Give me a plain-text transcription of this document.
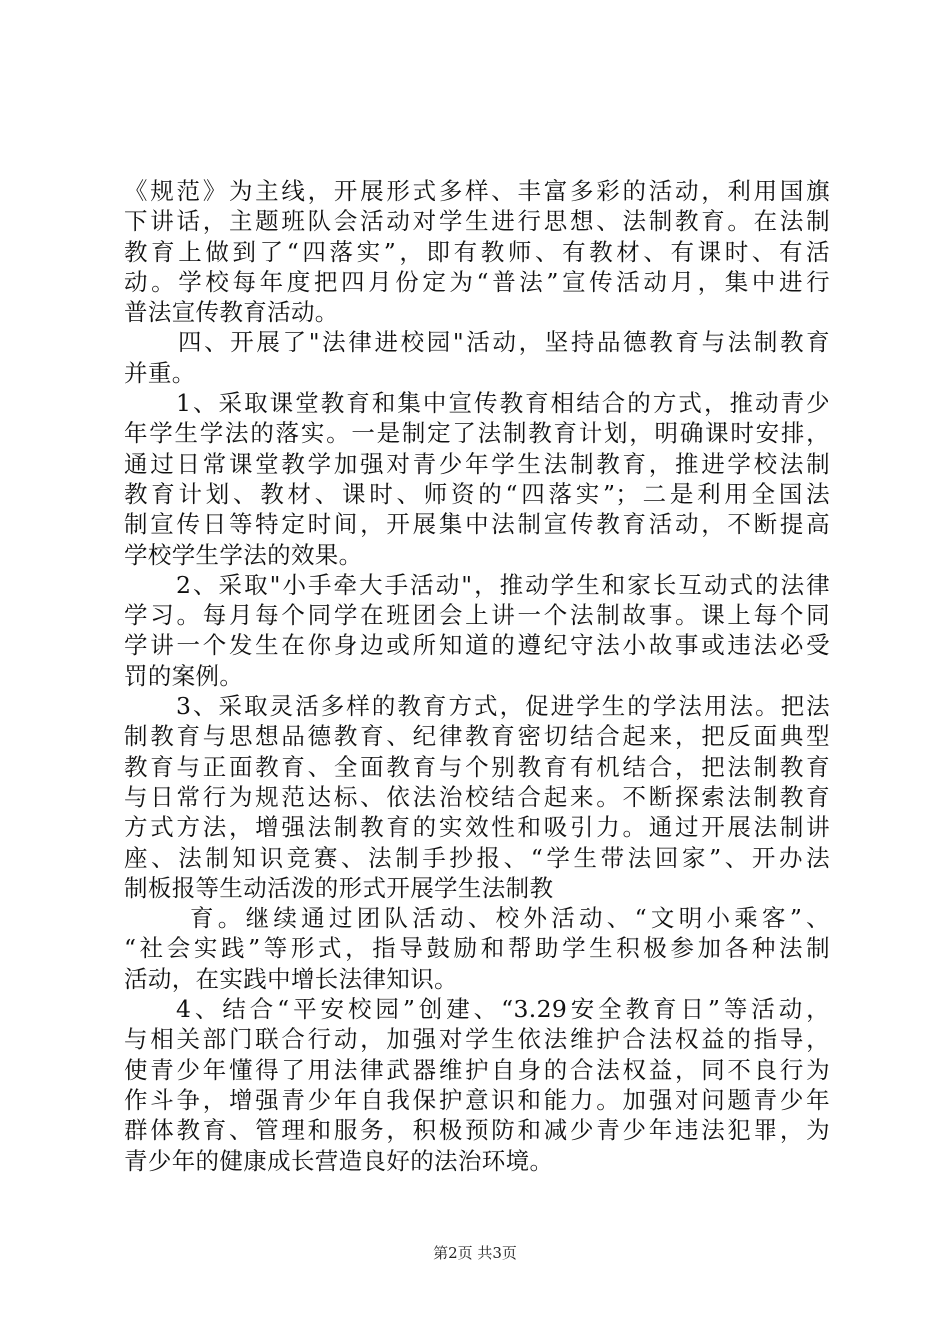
《规范》为主线，开展形式多样、丰富多彩的活动，利用国旗
下讲话，主题班队会活动对学生进行思想、法制教育。在法制
教育上做到了“四落实”，即有教师、有教材、有课时、有活
动。学校每年度把四月份定为“普法”宣传活动月，集中进行
普法宣传教育活动。
四、开展了"法律进校园"活动，坚持品德教育与法制教育
并重。
1、采取课堂教育和集中宣传教育相结合的方式，推动青少
年学生学法的落实。一是制定了法制教育计划，明确课时安排，
通过日常课堂教学加强对青少年学生法制教育，推进学校法制
教育计划、教材、课时、师资的“四落实”；二是利用全国法
制宣传日等特定时间，开展集中法制宣传教育活动，不断提高
学校学生学法的效果。
2、采取"小手牵大手活动"，推动学生和家长互动式的法律
学习。每月每个同学在班团会上讲一个法制故事。课上每个同
学讲一个发生在你身边或所知道的遵纪守法小故事或违法必受
罚的案例。
3、采取灵活多样的教育方式，促进学生的学法用法。把法
制教育与思想品德教育、纪律教育密切结合起来，把反面典型
教育与正面教育、全面教育与个别教育有机结合，把法制教育
与日常行为规范达标、依法治校结合起来。不断探索法制教育
方式方法，增强法制教育的实效性和吸引力。通过开展法制讲
座、法制知识竞赛、法制手抄报、“学生带法回家”、开办法
制板报等生动活泼的形式开展学生法制教
育。继续通过团队活动、校外活动、“文明小乘客”、
“社会实践”等形式，指导鼓励和帮助学生积极参加各种法制
活动，在实践中增长法律知识。
4、结合“平安校园”创建、“3.29安全教育日”等活动，
与相关部门联合行动，加强对学生依法维护合法权益的指导，
使青少年懂得了用法律武器维护自身的合法权益，同不良行为
作斗争，增强青少年自我保护意识和能力。加强对问题青少年
群体教育、管理和服务，积极预防和减少青少年违法犯罪，为
青少年的健康成长营造良好的法治环境。
第2页 共3页
